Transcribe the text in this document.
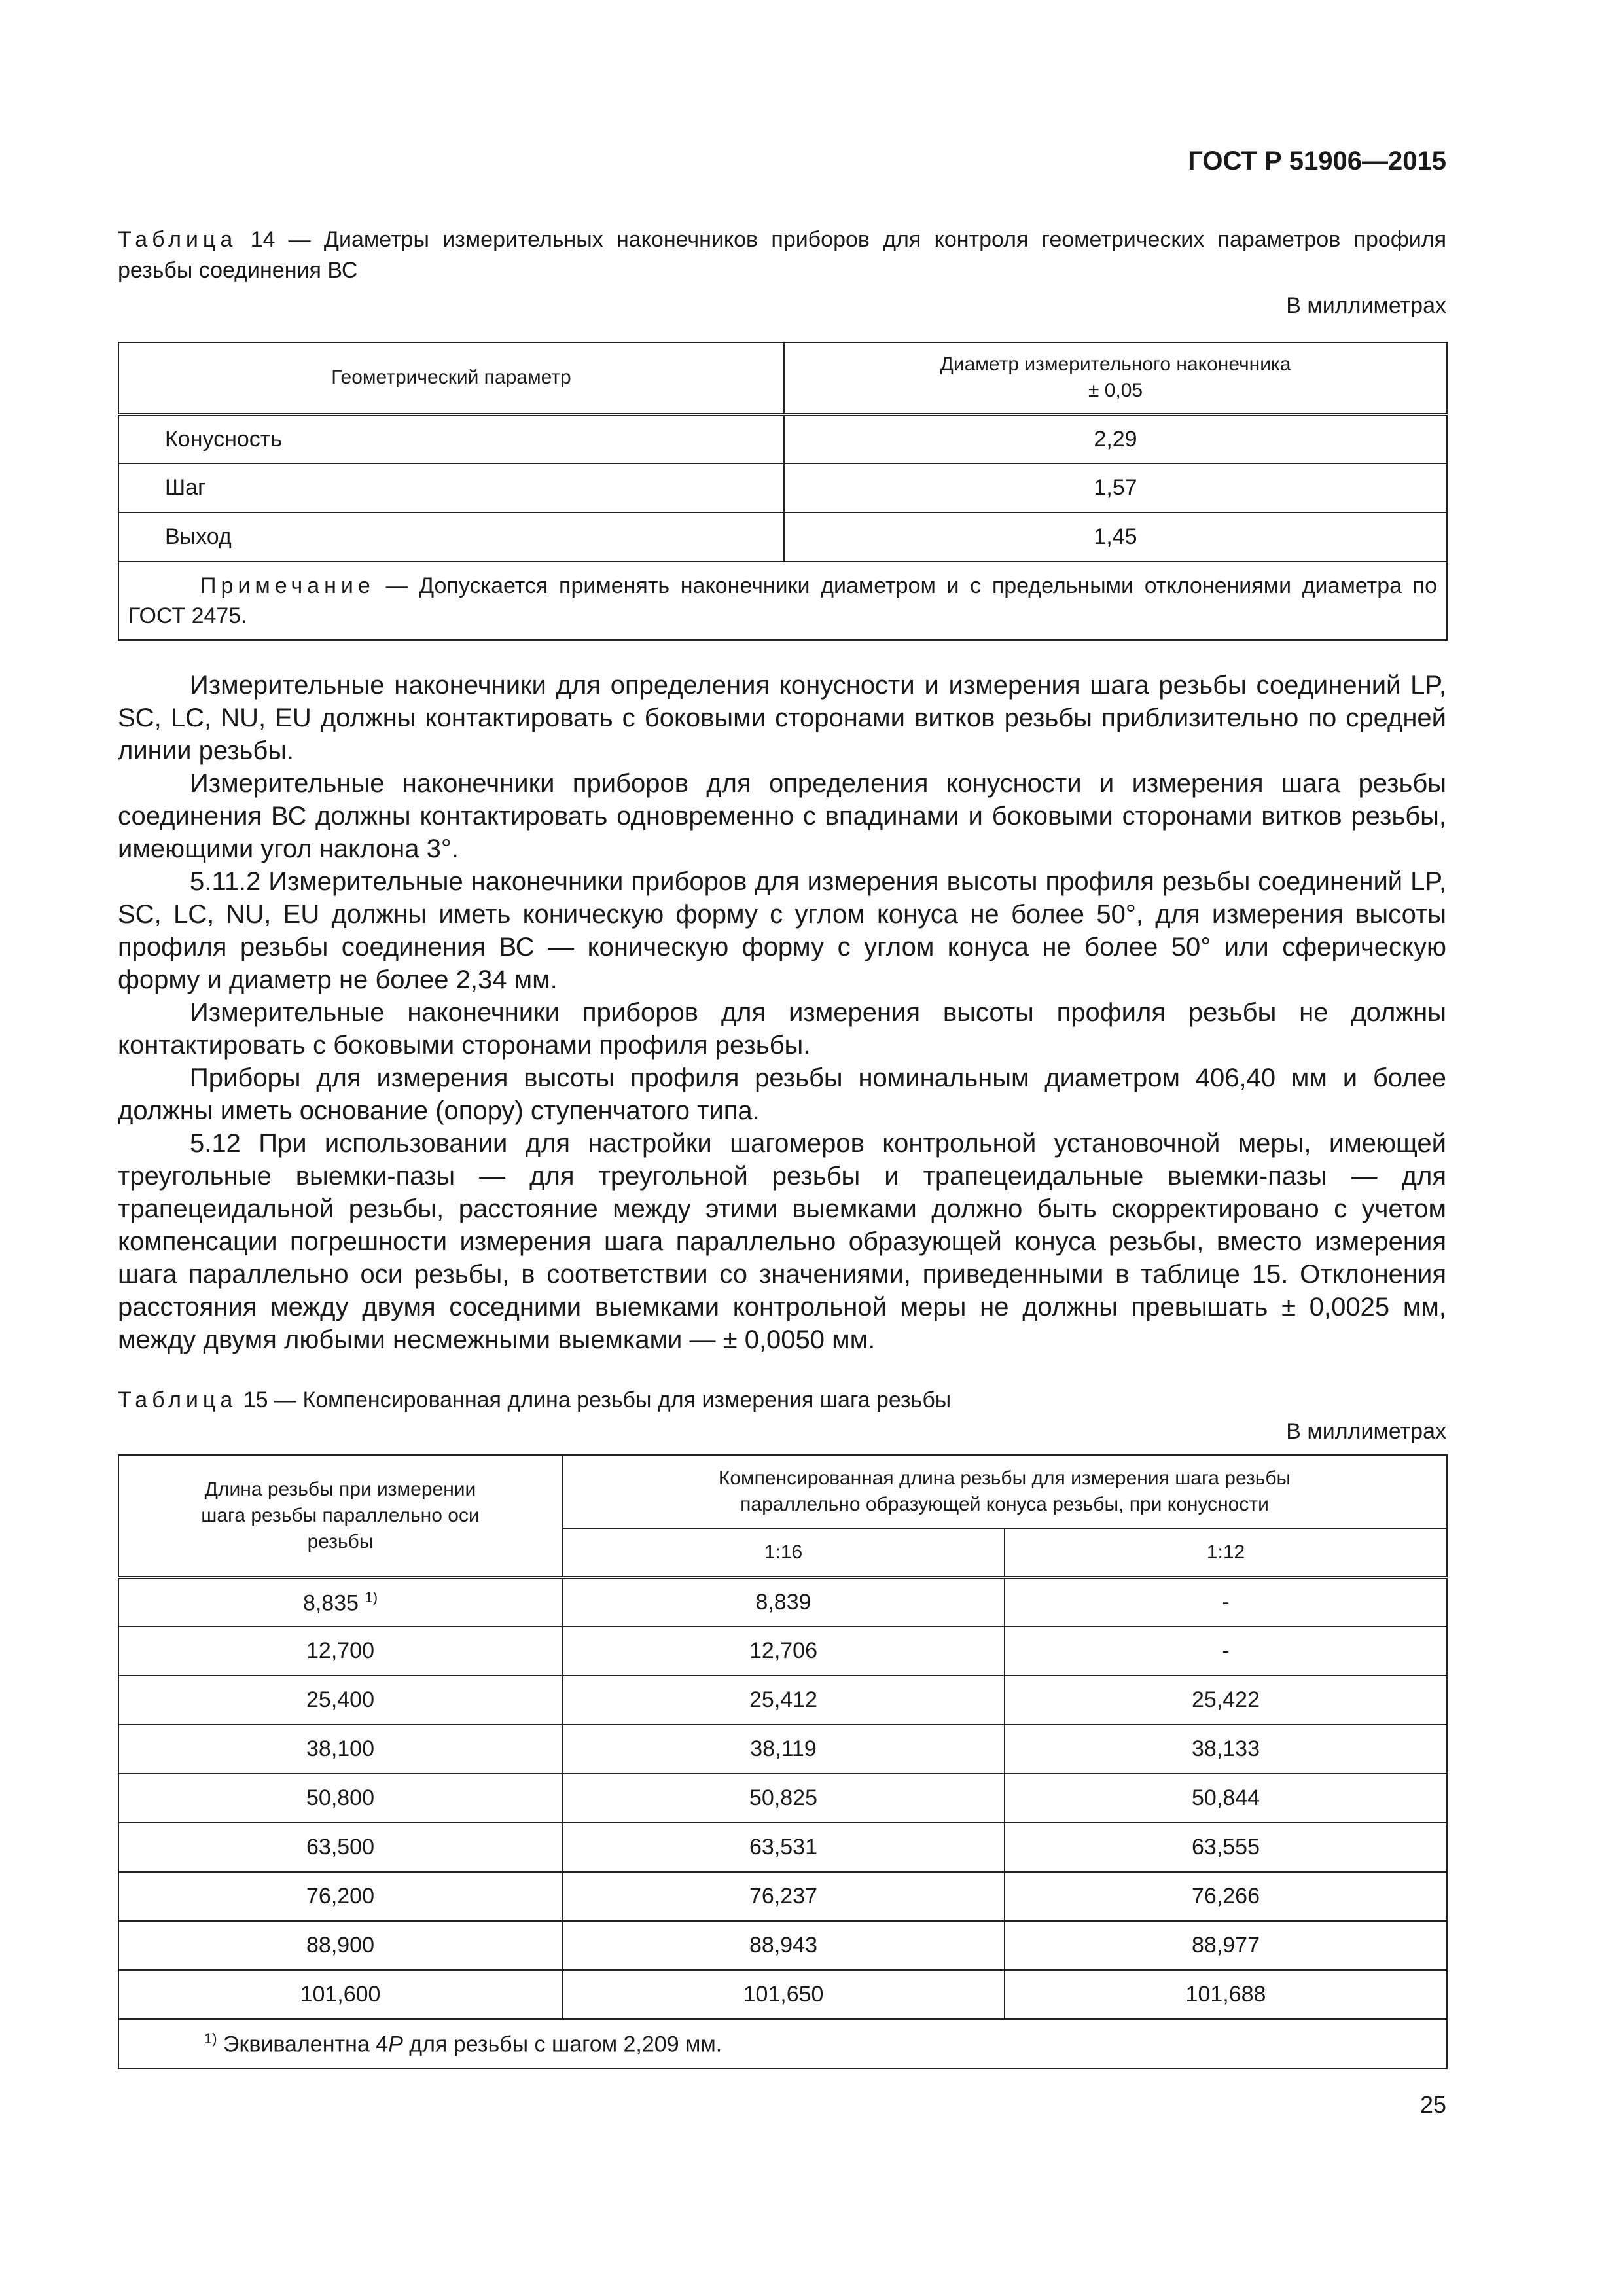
ГОСТ Р 51906—2015
Таблица 14 — Диаметры измерительных наконечников приборов для контроля геометрических параметров профиля резьбы соединения ВС
В миллиметрах
Геометрический параметр	Диаметр измерительного наконечника
± 0,05
Конусность	2,29
Шаг	1,57
Выход	1,45
Примечание — Допускается применять наконечники диаметром и с предельными отклонениями диаметра по ГОСТ 2475.	

Измерительные наконечники для определения конусности и измерения шага резьбы соединений LP, SC, LC, NU, EU должны контактировать с боковыми сторонами витков резьбы приблизительно по средней линии резьбы.

Измерительные наконечники приборов для определения конусности и измерения шага резьбы соединения ВС должны контактировать одновременно с впадинами и боковыми сторонами витков резьбы, имеющими угол наклона 3°.

5.11.2 Измерительные наконечники приборов для измерения высоты профиля резьбы соединений LP, SC, LC, NU, EU должны иметь коническую форму с углом конуса не более 50°, для измерения высоты профиля резьбы соединения ВС — коническую форму с углом конуса не более 50° или сферическую форму и диаметр не более 2,34 мм.

Измерительные наконечники приборов для измерения высоты профиля резьбы не должны контактировать с боковыми сторонами профиля резьбы.

Приборы для измерения высоты профиля резьбы номинальным диаметром 406,40 мм и более должны иметь основание (опору) ступенчатого типа.

5.12 При использовании для настройки шагомеров контрольной установочной меры, имеющей треугольные выемки-пазы — для треугольной резьбы и трапецеидальные выемки-пазы — для трапецеидальной резьбы, расстояние между этими выемками должно быть скорректировано с учетом компенсации погрешности измерения шага параллельно образующей конуса резьбы, вместо измерения шага параллельно оси резьбы, в соответствии со значениями, приведенными в таблице 15. Отклонения расстояния между двумя соседними выемками контрольной меры не должны превышать ± 0,0025 мм, между двумя любыми несмежными выемками — ± 0,0050 мм.

Таблица 15 — Компенсированная длина резьбы для измерения шага резьбы
В миллиметрах
Длина резьбы при измерении шага резьбы параллельно оси резьбы	Компенсированная длина резьбы для измерения шага резьбы параллельно образующей конуса резьбы, при конусности	
	1:16	1:12
8,835 $^{1)}$	8,839	-
12,700	12,706	-
25,400	25,412	25,422
38,100	38,119	38,133
50,800	50,825	50,844
63,500	63,531	63,555
76,200	76,237	76,266
88,900	88,943	88,977
101,600	101,650	101,688
$^{1)}$ Эквивалентна 4P для резьбы с шагом 2,209 мм.		
25
